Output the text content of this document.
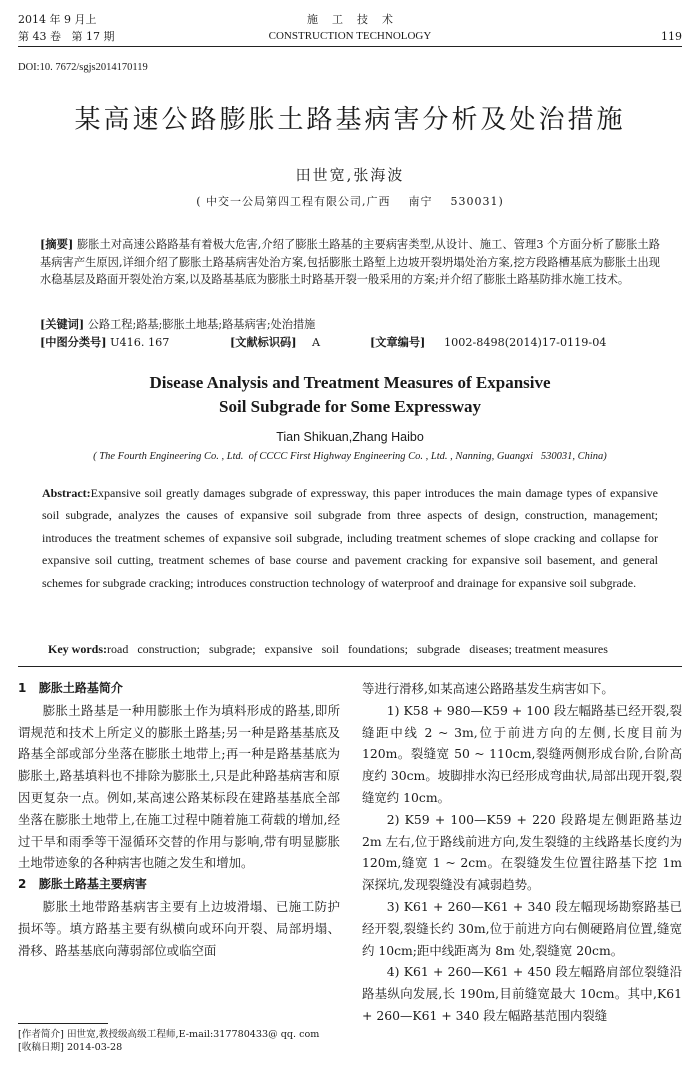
2014 年 9 月上
第 43 卷   第 17 期
施    工    技    术
CONSTRUCTION TECHNOLOGY	119
DOI:10. 7672/sgjs2014170119
某高速公路膨胀土路基病害分析及处治措施
田世宽,张海波
( 中交一公局第四工程有限公司,广西    南宁    530031)
[摘要] 膨胀土对高速公路路基有着极大危害,介绍了膨胀土路基的主要病害类型,从设计、施工、管理3 个方面分析了膨胀土路基病害产生原因,详细介绍了膨胀土路基病害处治方案,包括膨胀土路堑上边坡开裂坍塌处治方案,挖方段路槽基底为膨胀土出现水稳基层及路面开裂处治方案,以及路基基底为膨胀土时路基开裂一般采用的方案;并介绍了膨胀土路基防排水施工技术。
[关键词] 公路工程;路基;膨胀土地基;路基病害;处治措施
[中图分类号] U416. 167	[文献标识码] A	[文章编号] 1002-8498(2014)17-0119-04
Disease Analysis and Treatment Measures of Expansive
Soil Subgrade for Some Expressway
Tian Shikuan,Zhang Haibo
( The Fourth Engineering Co. , Ltd.  of CCCC First Highway Engineering Co. , Ltd. , Nanning, Guangxi   530031, China)
Abstract:Expansive soil greatly damages subgrade of expressway, this paper introduces the main damage types of expansive soil subgrade, analyzes the causes of expansive soil subgrade from three aspects of design, construction, management; introduces the treatment schemes of expansive soil subgrade, including treatment schemes of slope cracking and collapse for expansive soil cutting, treatment schemes of base course and pavement cracking for expansive soil basement, and general schemes for subgrade cracking; introduces construction technology of waterproof and drainage for expansive soil subgrade.

Key words:road   construction;   subgrade;   expansive   soil   foundations;   subgrade   diseases; treatment measures

1   膨胀土路基简介

膨胀土路基是一种用膨胀土作为填料形成的路基,即所谓规范和技术上所定义的膨胀土路基;另一种是路基基底及路基全部或部分坐落在膨胀土地带上;再一种是路基基底为膨胀土,路基填料也不排除为膨胀土,只是此种路基病害和原因更复杂一点。例如,某高速公路某标段在建路基基底全部坐落在膨胀土地带上,在施工过程中随着施工荷载的增加,经过干旱和雨季等干湿循环交替的作用与影响,带有明显膨胀土地带迹象的各种病害也随之发生和增加。

2   膨胀土路基主要病害

膨胀土地带路基病害主要有上边坡滑塌、已施工防护损坏等。填方路基主要有纵横向或环向开裂、局部坍塌、滑移、路基基底向薄弱部位或临空面

[作者简介] 田世宽,教授级高级工程师,E-mail:317780433@ qq. com
[收稿日期] 2014-03-28

等进行滑移,如某高速公路路基发生病害如下。

1) K58 + 980—K59 + 100 段左幅路基已经开裂,裂缝距中线 2 ~ 3m,位于前进方向的左侧,长度目前为 120m。裂缝宽 50 ~ 110cm,裂缝两侧形成台阶,台阶高度约 30cm。坡脚排水沟已经形成弯曲状,局部出现开裂,裂缝宽约 10cm。

2) K59 + 100—K59 + 220 段路堤左侧距路基边 2m 左右,位于路线前进方向,发生裂缝的主线路基长度约为 120m,缝宽 1 ~ 2cm。在裂缝发生位置往路基下挖 1m 深探坑,发现裂缝没有减弱趋势。

3) K61 + 260—K61 + 340 段左幅现场勘察路基已经开裂,裂缝长约 30m,位于前进方向右侧硬路肩位置,缝宽约 10cm;距中线距离为 8m 处,裂缝宽 20cm。

4) K61 + 260—K61 + 450 段左幅路肩部位裂缝沿路基纵向发展,长 190m,目前缝宽最大 10cm。其中,K61 + 260—K61 + 340 段左幅路基范围内裂缝
